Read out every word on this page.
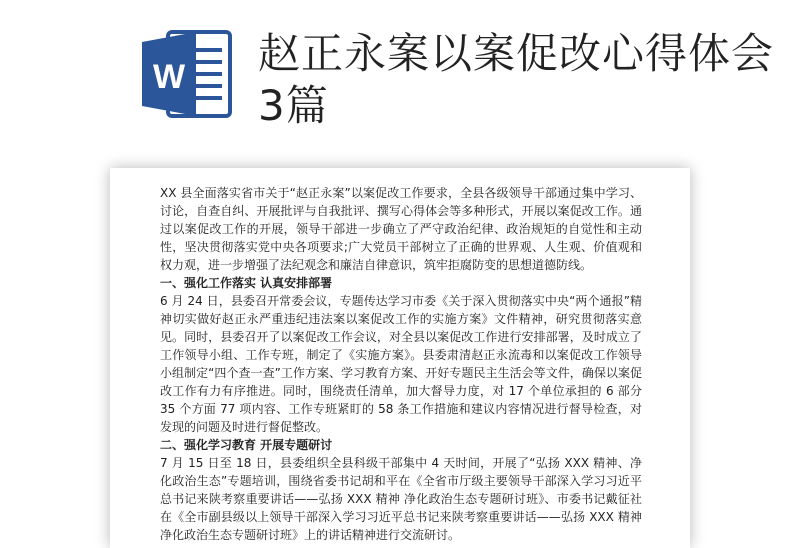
W 赵正永案以案促改心得体会3篇

XX 县全面落实省市关于“赵正永案”以案促改工作要求，全县各级领导干部通过集中学习、讨论，自查自纠、开展批评与自我批评、撰写心得体会等多种形式，开展以案促改工作。通过以案促改工作的开展，领导干部进一步确立了严守政治纪律、政治规矩的自觉性和主动性，坚决贯彻落实党中央各项要求;广大党员干部树立了正确的世界观、人生观、价值观和权力观，进一步增强了法纪观念和廉洁自律意识，筑牢拒腐防变的思想道德防线。

一、强化工作落实 认真安排部署

6 月 24 日，县委召开常委会议，专题传达学习市委《关于深入贯彻落实中央“两个通报”精神切实做好赵正永严重违纪违法案以案促改工作的实施方案》文件精神，研究贯彻落实意见。同时，县委召开了以案促改工作会议，对全县以案促改工作进行安排部署，及时成立了工作领导小组、工作专班，制定了《实施方案》。县委肃清赵正永流毒和以案促改工作领导小组制定“四个查一查”工作方案、学习教育方案、开好专题民主生活会等文件，确保以案促改工作有力有序推进。同时，围绕责任清单，加大督导力度，对 17 个单位承担的 6 部分 35 个方面 77 项内容、工作专班紧盯的 58 条工作措施和建议内容情况进行督导检查，对发现的问题及时进行督促整改。

二、强化学习教育 开展专题研讨

7 月 15 日至 18 日，县委组织全县科级干部集中 4 天时间，开展了“弘扬 XXX 精神、净化政治生态”专题培训，围绕省委书记胡和平在《全省市厅级主要领导干部深入学习习近平总书记来陕考察重要讲话——弘扬 XXX 精神 净化政治生态专题研讨班》、市委书记戴征社在《全市副县级以上领导干部深入学习习近平总书记来陕考察重要讲话——弘扬 XXX 精神 净化政治生态专题研讨班》上的讲话精神进行交流研讨。
